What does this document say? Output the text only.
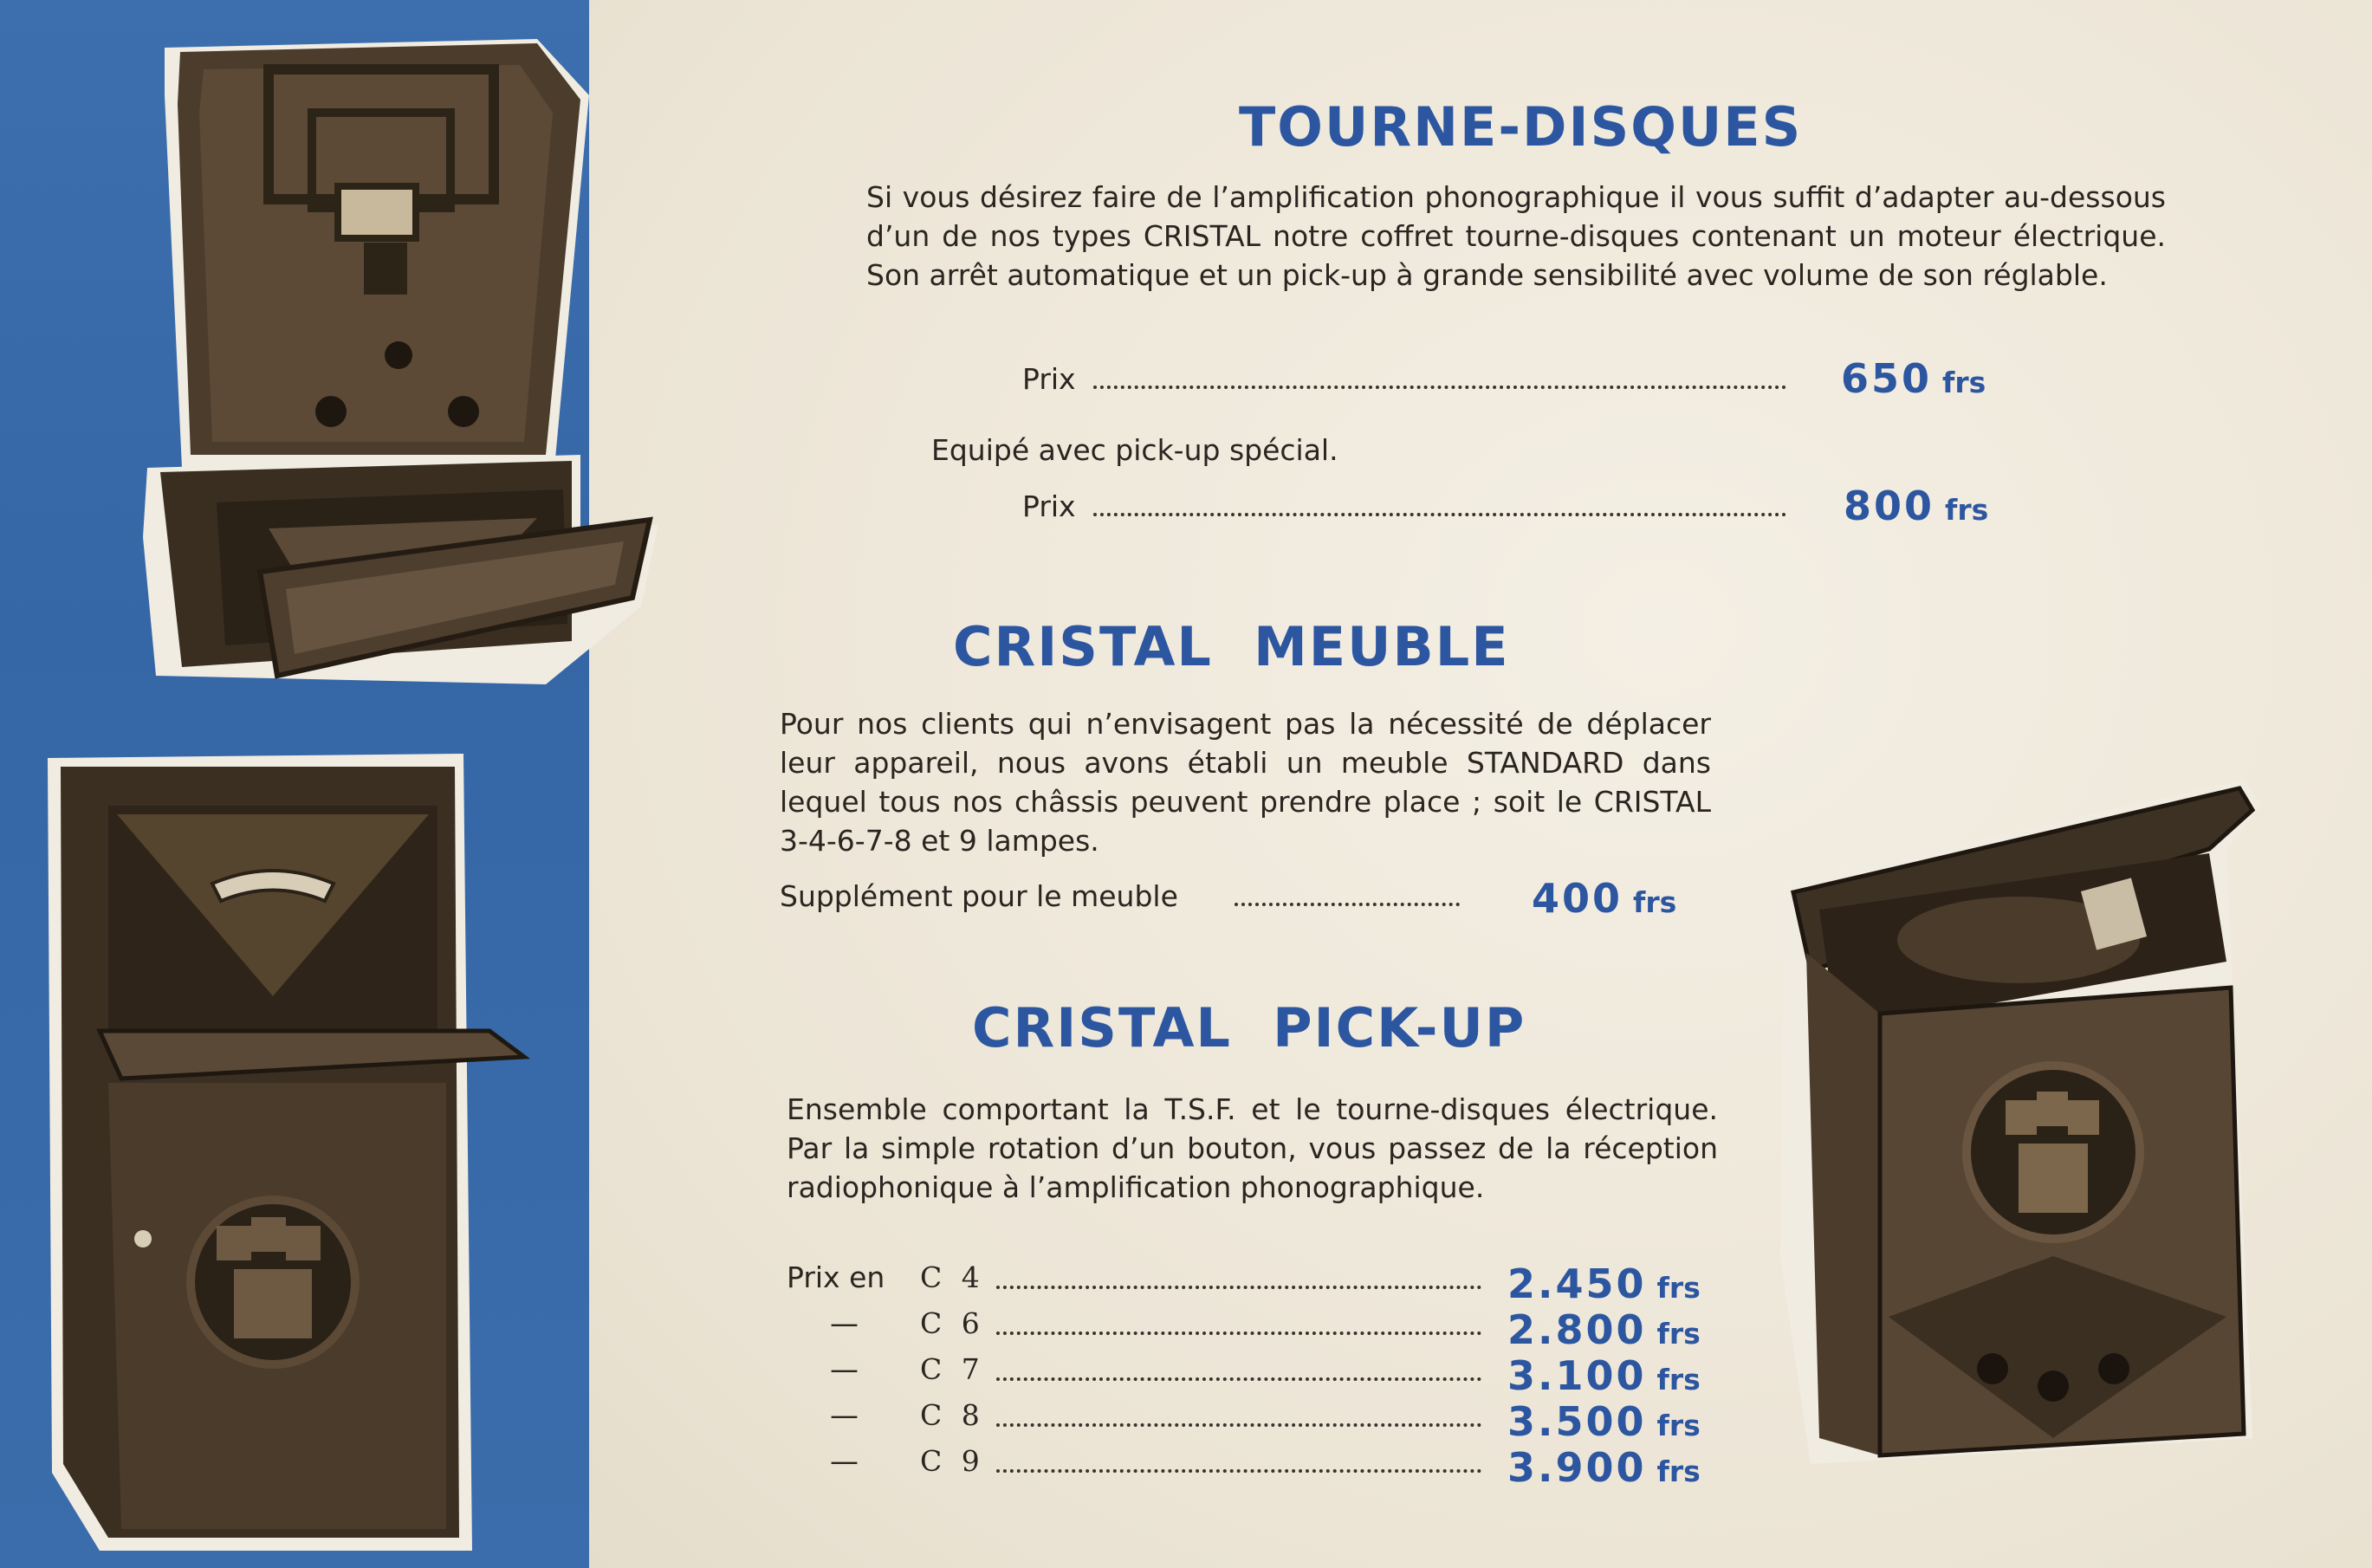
TOURNE-DISQUES

Si vous désirez faire de l’amplification phonographique il vous suffit d’adapter au-dessous d’un de nos types CRISTAL notre coffret tourne-disques contenant un moteur électrique. Son arrêt automatique et un pick-up à grande sensibilité avec volume de son réglable.

Prix	650 frs
Equipé avec pick-up spécial.
Prix	800 frs
CRISTAL  MEUBLE

Pour nos clients qui n’envisagent pas la nécessité de déplacer leur appareil, nous avons établi un meuble STANDARD dans lequel tous nos châssis peuvent prendre place ; soit le CRISTAL 3-4-6-7-8 et 9 lampes.

Supplément pour le meuble	400 frs
CRISTAL  PICK-UP

Ensemble comportant la T.S.F. et le tourne-disques électrique. Par la simple rotation d’un bouton, vous passez de la réception radiophonique à l’amplification phonographique.

Prix en C 4	2.450 frs
— C 6	2.800 frs
— C 7	3.100 frs
— C 8	3.500 frs
— C 9	3.900 frs
